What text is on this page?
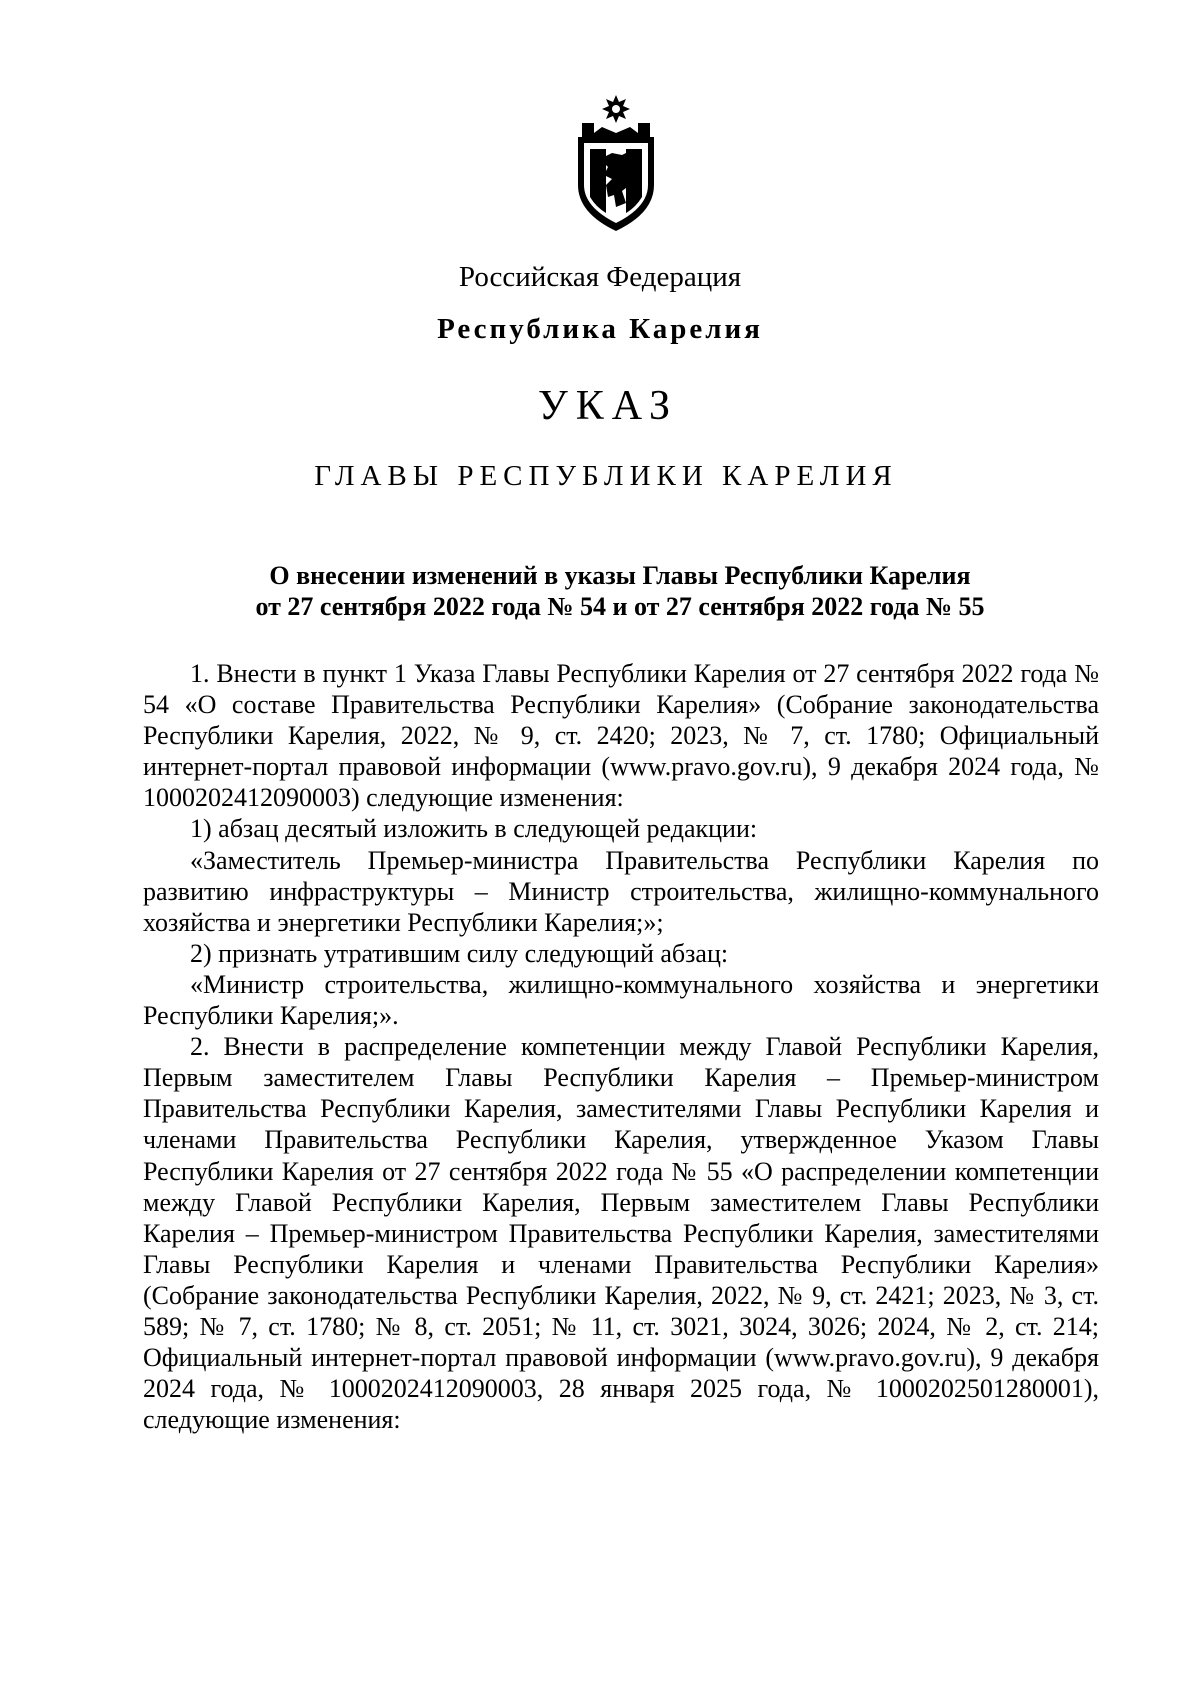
Российская Федерация
Республика Карелия
УКАЗ
ГЛАВЫ РЕСПУБЛИКИ КАРЕЛИЯ
О внесении изменений в указы Главы Республики Карелия
от 27 сентября 2022 года № 54 и от 27 сентября 2022 года № 55

1. Внести в пункт 1 Указа Главы Республики Карелия от 27 сентября 2022 года № 54 «О составе Правительства Республики Карелия» (Собрание законодательства Республики Карелия, 2022, № 9, ст. 2420; 2023, № 7, ст. 1780; Официальный интернет-портал правовой информации (www.pravo.gov.ru), 9 декабря 2024 года, № 1000202412090003) следующие изменения:

1) абзац десятый изложить в следующей редакции:

«Заместитель Премьер-министра Правительства Республики Карелия по развитию инфраструктуры – Министр строительства, жилищно-коммунального хозяйства и энергетики Республики Карелия;»;

2) признать утратившим силу следующий абзац:

«Министр строительства, жилищно-коммунального хозяйства и энергетики Республики Карелия;».

2. Внести в распределение компетенции между Главой Республики Карелия, Первым заместителем Главы Республики Карелия – Премьер-министром Правительства Республики Карелия, заместителями Главы Республики Карелия и членами Правительства Республики Карелия, утвержденное Указом Главы Республики Карелия от 27 сентября 2022 года № 55 «О распределении компетенции между Главой Республики Карелия, Первым заместителем Главы Республики Карелия – Премьер-министром Правительства Республики Карелия, заместителями Главы Республики Карелия и членами Правительства Республики Карелия» (Собрание законодательства Республики Карелия, 2022, № 9, ст. 2421; 2023, № 3, ст. 589; № 7, ст. 1780; № 8, ст. 2051; № 11, ст. 3021, 3024, 3026; 2024, № 2, ст. 214; Официальный интернет-портал правовой информации (www.pravo.gov.ru), 9 декабря 2024 года, № 1000202412090003, 28 января 2025 года, № 1000202501280001), следующие изменения:
